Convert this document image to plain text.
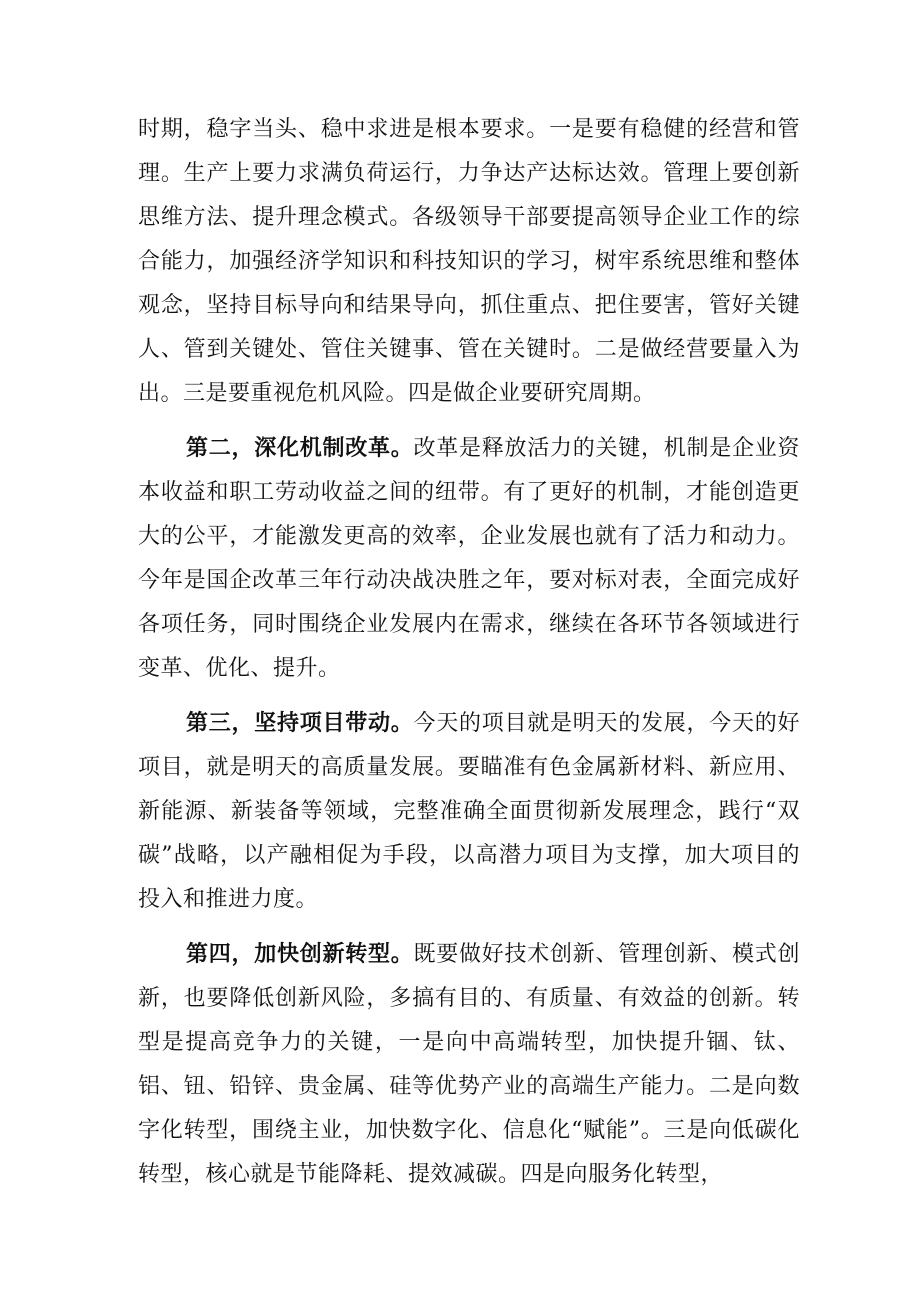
时期，稳字当头、稳中求进是根本要求。一是要有稳健的经营和管理。生产上要力求满负荷运行，力争达产达标达效。管理上要创新思维方法、提升理念模式。各级领导干部要提高领导企业工作的综合能力，加强经济学知识和科技知识的学习，树牢系统思维和整体观念，坚持目标导向和结果导向，抓住重点、把住要害，管好关键人、管到关键处、管住关键事、管在关键时。二是做经营要量入为出。三是要重视危机风险。四是做企业要研究周期。

第二，深化机制改革。改革是释放活力的关键，机制是企业资本收益和职工劳动收益之间的纽带。有了更好的机制，才能创造更大的公平，才能激发更高的效率，企业发展也就有了活力和动力。今年是国企改革三年行动决战决胜之年，要对标对表，全面完成好各项任务，同时围绕企业发展内在需求，继续在各环节各领域进行变革、优化、提升。

第三，坚持项目带动。今天的项目就是明天的发展，今天的好项目，就是明天的高质量发展。要瞄准有色金属新材料、新应用、新能源、新装备等领域，完整准确全面贯彻新发展理念，践行“双碳”战略，以产融相促为手段，以高潜力项目为支撑，加大项目的投入和推进力度。

第四，加快创新转型。既要做好技术创新、管理创新、模式创新，也要降低创新风险，多搞有目的、有质量、有效益的创新。转型是提高竞争力的关键，一是向中高端转型，加快提升锢、钛、铝、钮、铅锌、贵金属、硅等优势产业的高端生产能力。二是向数字化转型，围绕主业，加快数字化、信息化“赋能”。三是向低碳化转型，核心就是节能降耗、提效减碳。四是向服务化转型，
